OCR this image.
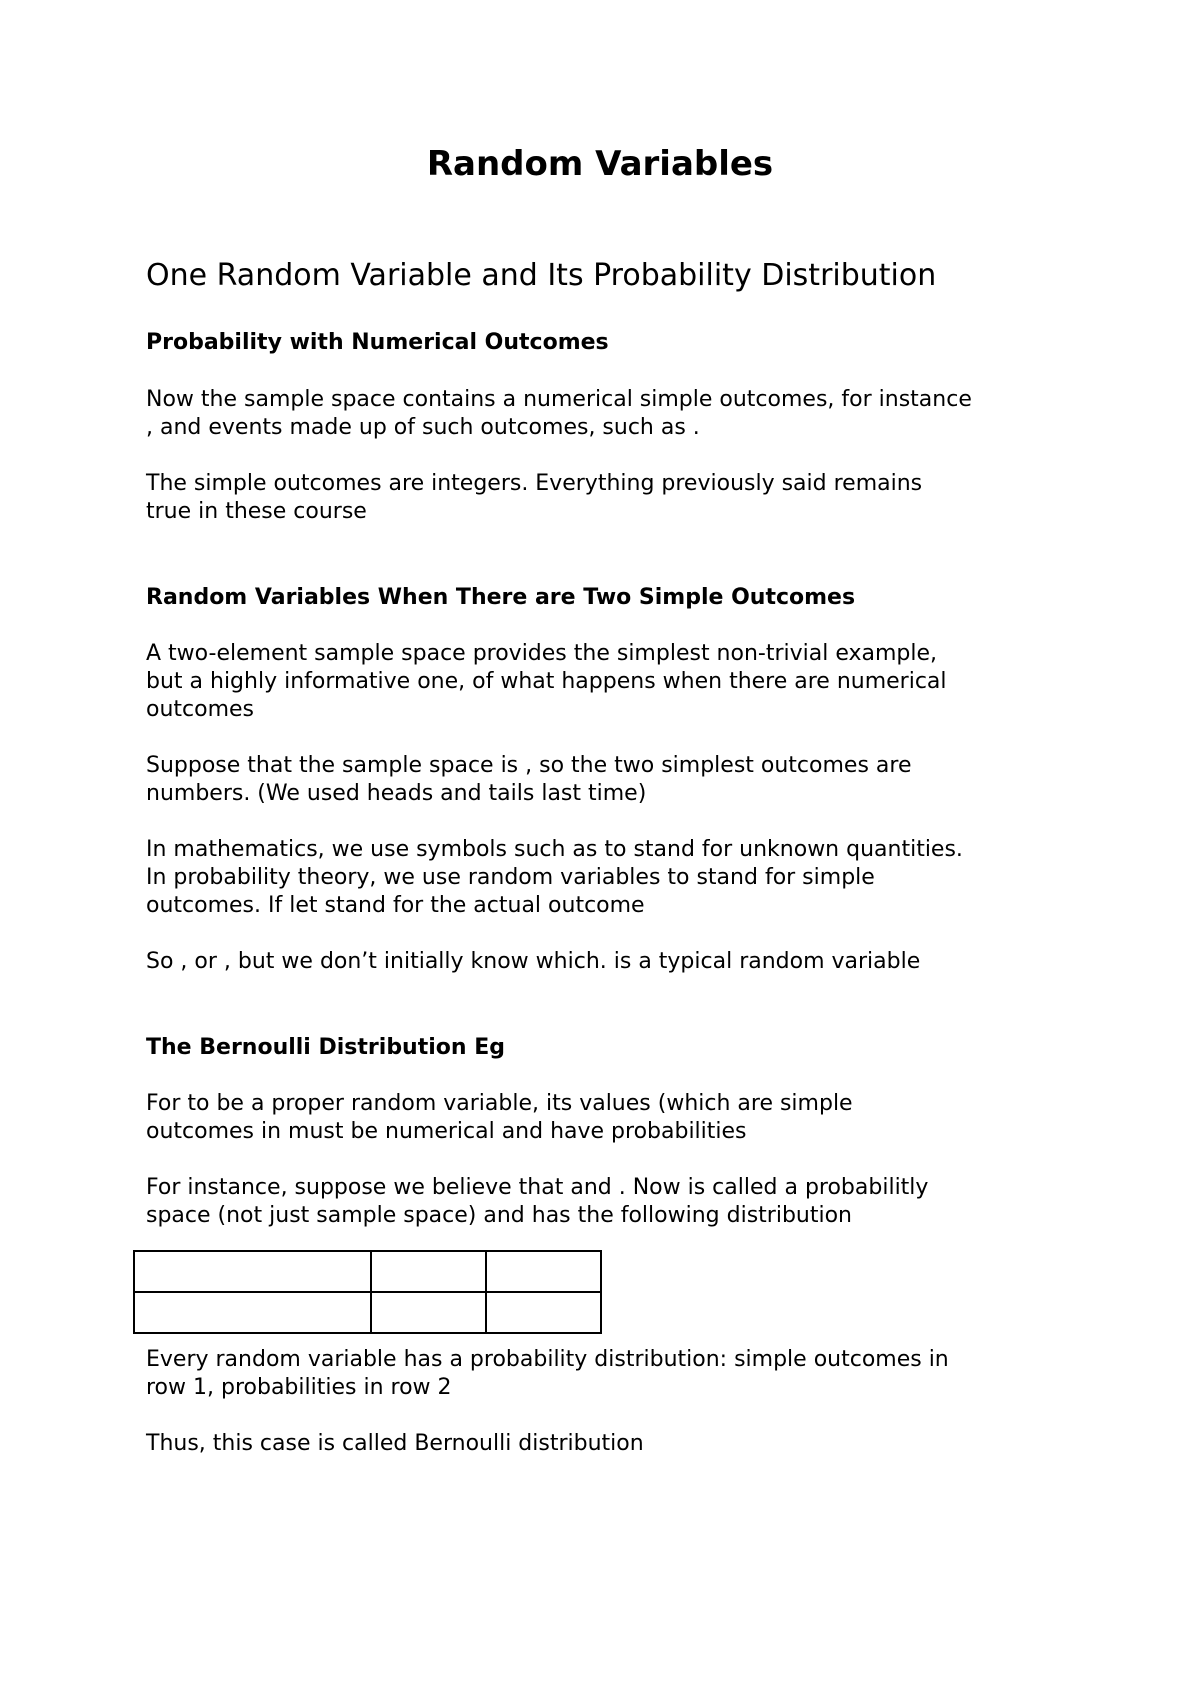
Random Variables
One Random Variable and Its Probability Distribution
Probability with Numerical Outcomes
Now the sample space contains a numerical simple outcomes, for instance
, and events made up of such outcomes, such as .
The simple outcomes are integers. Everything previously said remains
true in these course
Random Variables When There are Two Simple Outcomes
A two-element sample space provides the simplest non-trivial example,
but a highly informative one, of what happens when there are numerical
outcomes
Suppose that the sample space is , so the two simplest outcomes are
numbers. (We used heads and tails last time)
In mathematics, we use symbols such as to stand for unknown quantities.
In probability theory, we use random variables to stand for simple
outcomes. If let stand for the actual outcome
So , or , but we don’t initially know which. is a typical random variable
The Bernoulli Distribution Eg
For to be a proper random variable, its values (which are simple
outcomes in must be numerical and have probabilities
For instance, suppose we believe that and . Now is called a probabilitly
space (not just sample space) and has the following distribution

Every random variable has a probability distribution: simple outcomes in
row 1, probabilities in row 2
Thus, this case is called Bernoulli distribution
